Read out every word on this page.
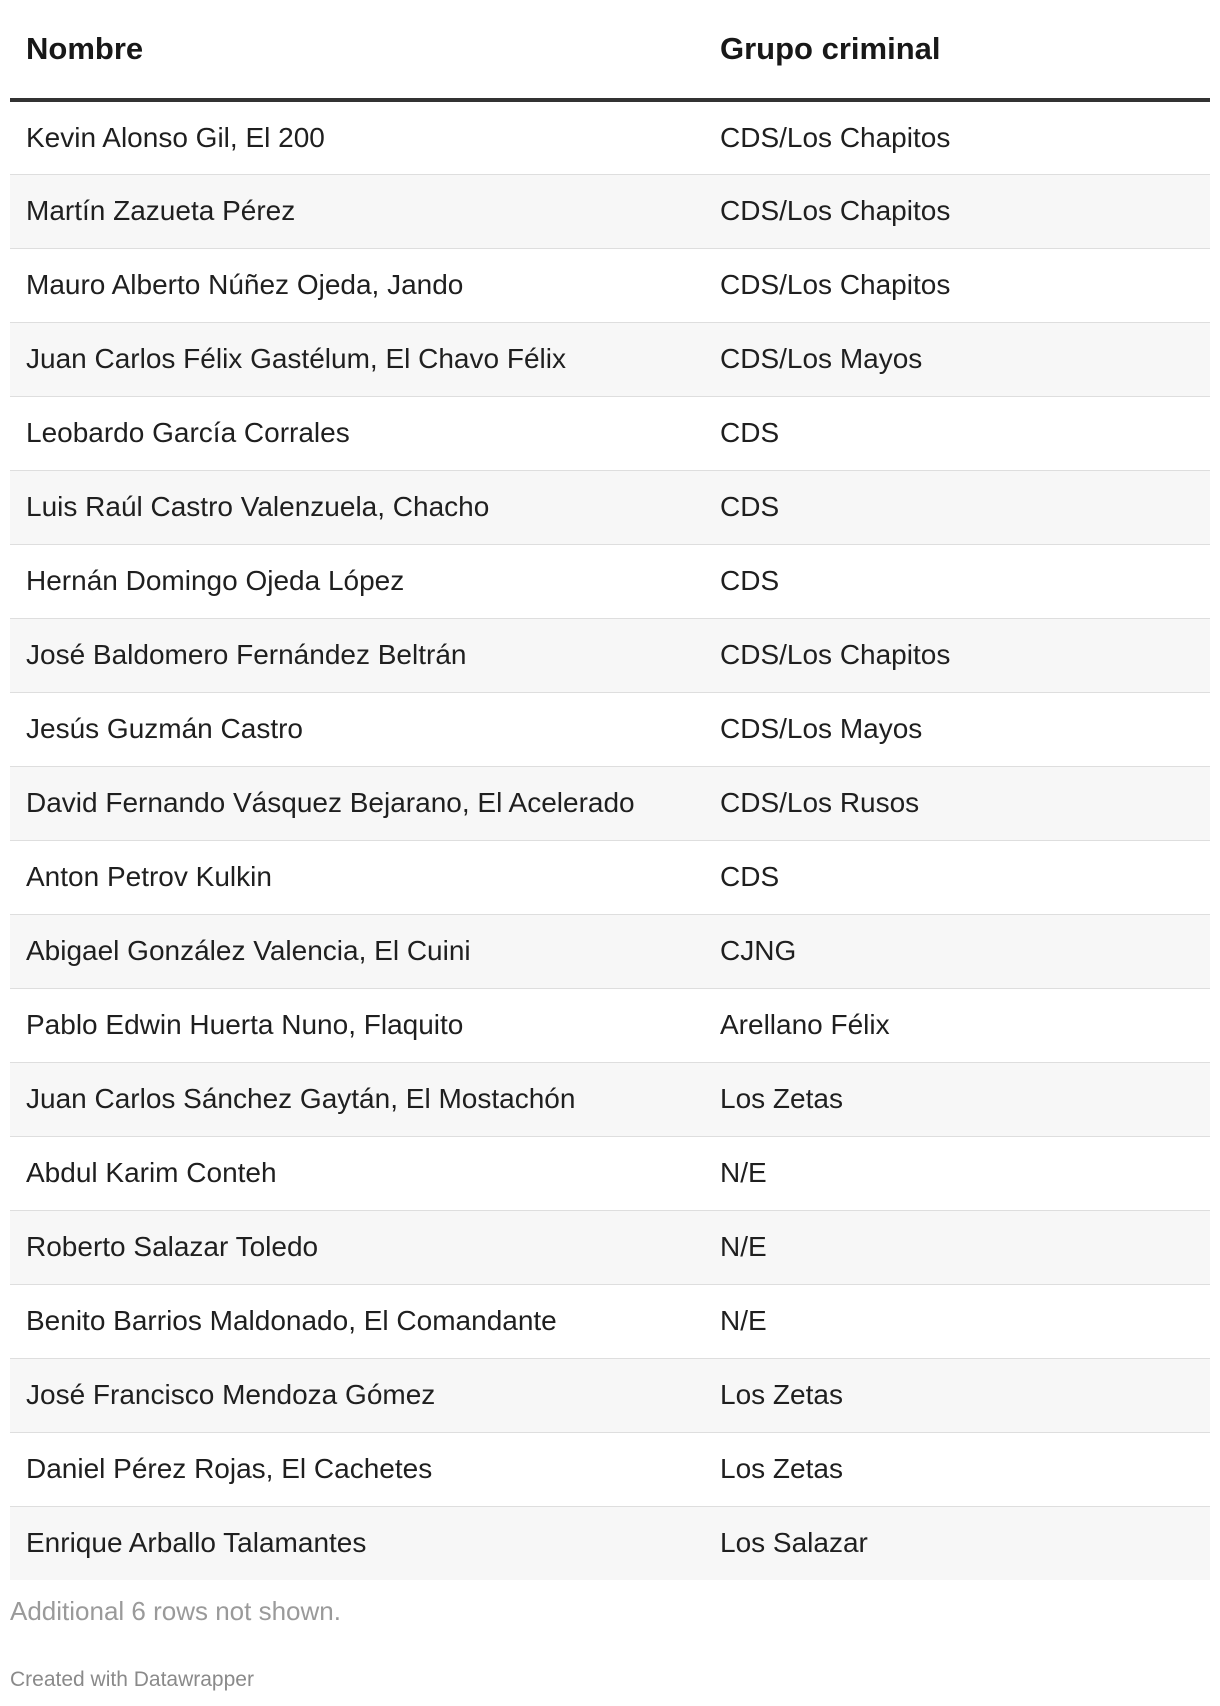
Nombre	Grupo criminal
Kevin Alonso Gil, El 200	CDS/Los Chapitos
Martín Zazueta Pérez	CDS/Los Chapitos
Mauro Alberto Núñez Ojeda, Jando	CDS/Los Chapitos
Juan Carlos Félix Gastélum, El Chavo Félix	CDS/Los Mayos
Leobardo García Corrales	CDS
Luis Raúl Castro Valenzuela, Chacho	CDS
Hernán Domingo Ojeda López	CDS
José Baldomero Fernández Beltrán	CDS/Los Chapitos
Jesús Guzmán Castro	CDS/Los Mayos
David Fernando Vásquez Bejarano, El Acelerado	CDS/Los Rusos
Anton Petrov Kulkin	CDS
Abigael González Valencia, El Cuini	CJNG
Pablo Edwin Huerta Nuno, Flaquito	Arellano Félix
Juan Carlos Sánchez Gaytán, El Mostachón	Los Zetas
Abdul Karim Conteh	N/E
Roberto Salazar Toledo	N/E
Benito Barrios Maldonado, El Comandante	N/E
José Francisco Mendoza Gómez	Los Zetas
Daniel Pérez Rojas, El Cachetes	Los Zetas
Enrique Arballo Talamantes	Los Salazar
Additional 6 rows not shown.
Created with Datawrapper
